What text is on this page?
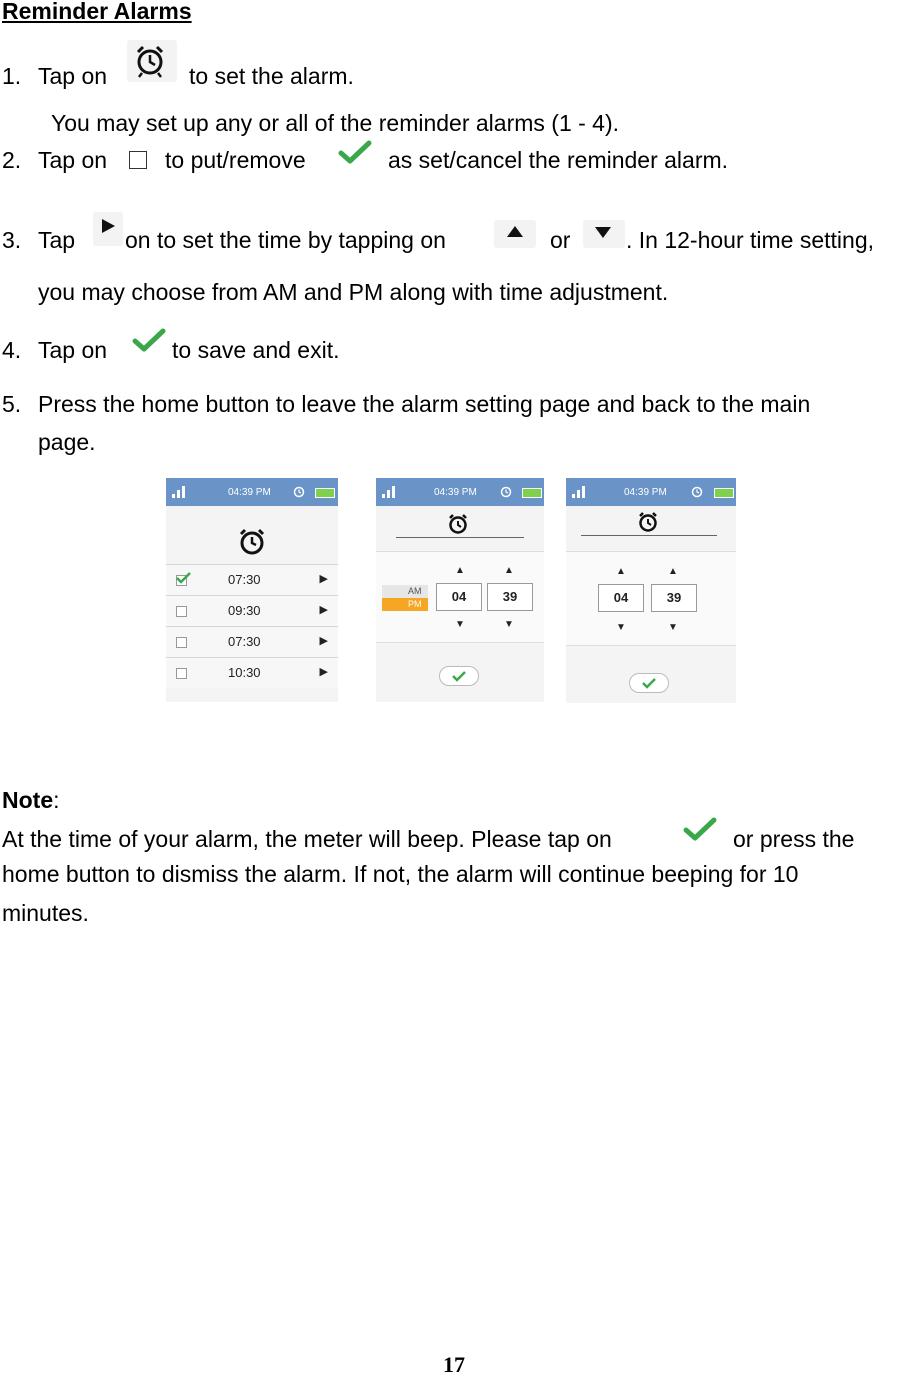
Reminder Alarms
1. Tap on	to set the alarm.
You may set up any or all of the reminder alarms (1 - 4).
2. Tap on	to put/remove	as set/cancel the reminder alarm.
3. Tap on to set the time by tapping on	or . In 12-hour time setting,
you may choose from AM and PM along with time adjustment.
4. Tap on	to save and exit.
5. Press the home button to leave the alarm setting page and back to the main
page.
04:39 PM
07:30	▶
09:30	▶
07:30	▶
10:30	▶
04:39 PM
▲	▲
AM
PM	04	39
▼	▼
04:39 PM
▲	▲
04	39
▼	▼
Note:
At the time of your alarm, the meter will beep. Please tap on	or press the
home button to dismiss the alarm. If not, the alarm will continue beeping for 10
minutes.
17
